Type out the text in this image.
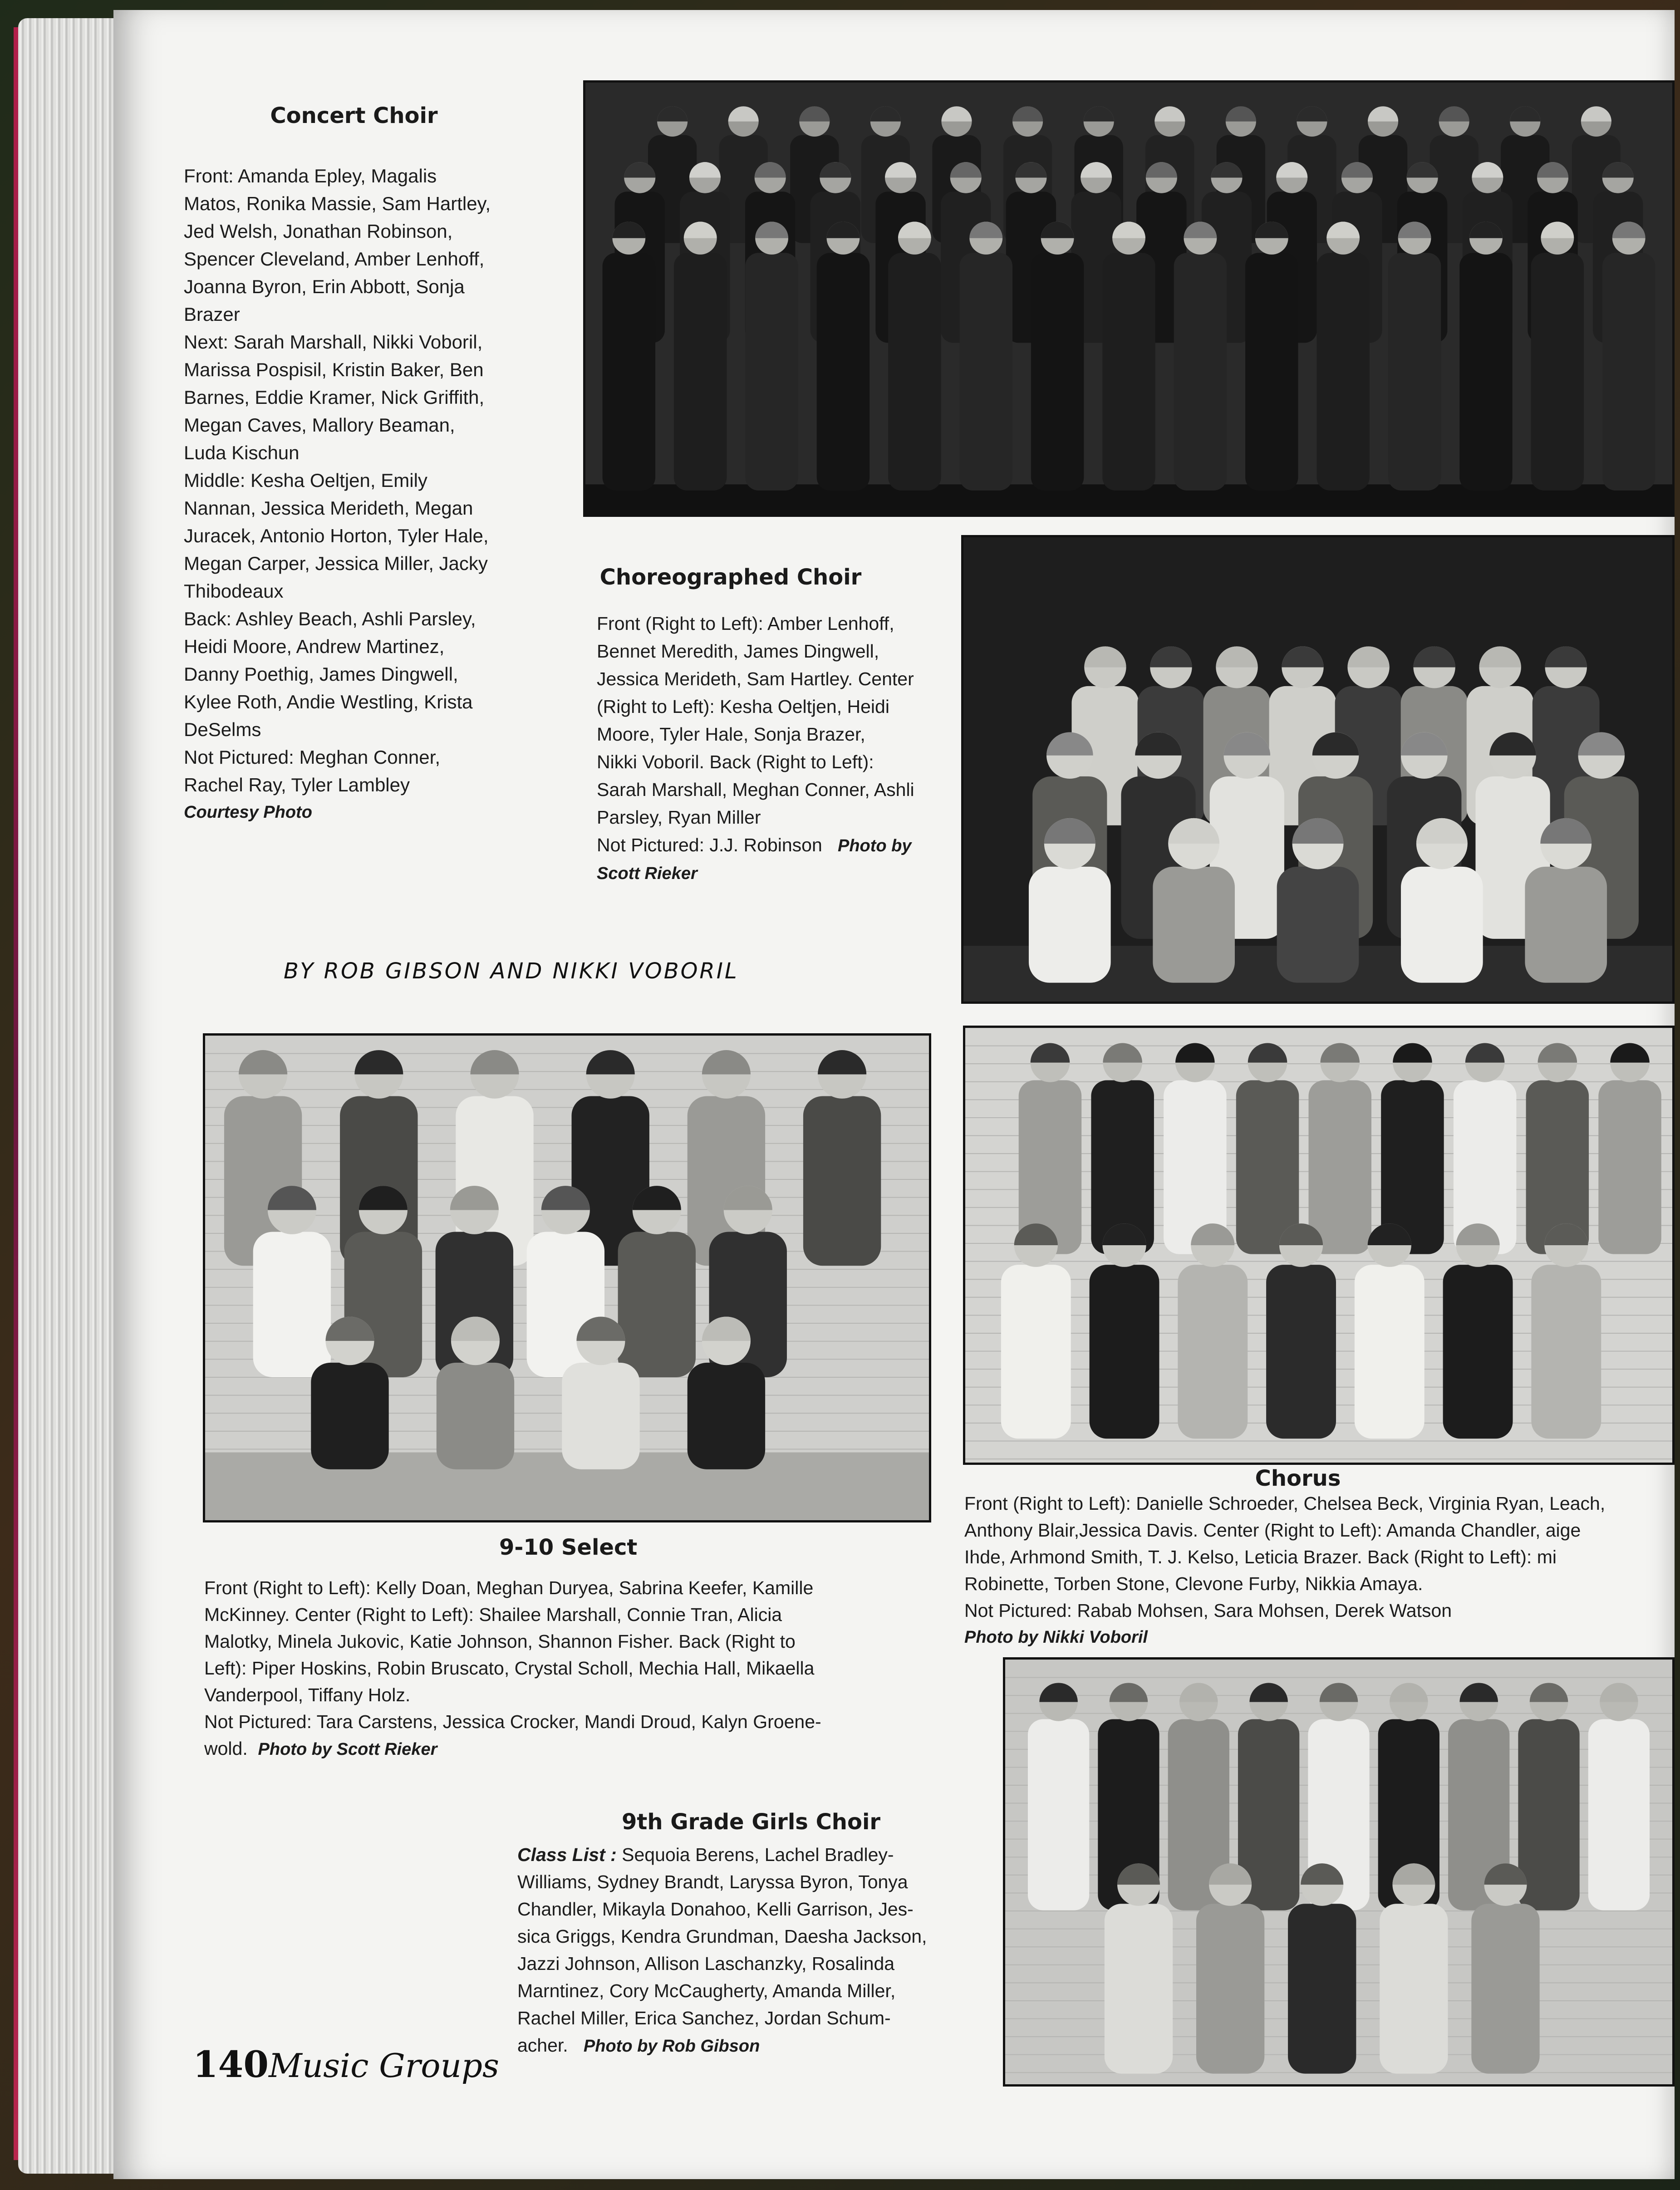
Concert Choir
Front: Amanda Epley, Magalis
Matos, Ronika Massie, Sam Hartley,
Jed Welsh, Jonathan Robinson,
Spencer Cleveland, Amber Lenhoff,
Joanna Byron, Erin Abbott, Sonja
Brazer
Next: Sarah Marshall, Nikki Voboril,
Marissa Pospisil, Kristin Baker, Ben
Barnes, Eddie Kramer, Nick Griffith,
Megan Caves, Mallory Beaman,
Luda Kischun
Middle: Kesha Oeltjen, Emily
Nannan, Jessica Merideth, Megan
Juracek, Antonio Horton, Tyler Hale,
Megan Carper, Jessica Miller, Jacky
Thibodeaux
Back: Ashley Beach, Ashli Parsley,
Heidi Moore, Andrew Martinez,
Danny Poethig, James Dingwell,
Kylee Roth, Andie Westling, Krista
DeSelms
Not Pictured: Meghan Conner,
Rachel Ray, Tyler Lambley
Courtesy Photo
Choreographed Choir
Front (Right to Left): Amber Lenhoff,
Bennet Meredith, James Dingwell,
Jessica Merideth, Sam Hartley. Center
(Right to Left): Kesha Oeltjen, Heidi
Moore, Tyler Hale, Sonja Brazer,
Nikki Voboril. Back (Right to Left):
Sarah Marshall, Meghan Conner, Ashli
Parsley, Ryan Miller
Not Pictured: J.J. Robinson Photo by
Scott Rieker
BY ROB GIBSON AND NIKKI VOBORIL
Chorus
Front (Right to Left): Danielle Schroeder, Chelsea Beck, Virginia Ryan, Leach,
Anthony Blair,Jessica Davis. Center (Right to Left): Amanda Chandler, aige
Ihde, Arhmond Smith, T. J. Kelso, Leticia Brazer. Back (Right to Left): mi
Robinette, Torben Stone, Clevone Furby, Nikkia Amaya.
Not Pictured: Rabab Mohsen, Sara Mohsen, Derek Watson
Photo by Nikki Voboril
9-10 Select
Front (Right to Left): Kelly Doan, Meghan Duryea, Sabrina Keefer, Kamille
McKinney. Center (Right to Left): Shailee Marshall, Connie Tran, Alicia
Malotky, Minela Jukovic, Katie Johnson, Shannon Fisher. Back (Right to
Left): Piper Hoskins, Robin Bruscato, Crystal Scholl, Mechia Hall, Mikaella
Vanderpool, Tiffany Holz.
Not Pictured: Tara Carstens, Jessica Crocker, Mandi Droud, Kalyn Groene-
wold. Photo by Scott Rieker
9th Grade Girls Choir
Class List : Sequoia Berens, Lachel Bradley-
Williams, Sydney Brandt, Laryssa Byron, Tonya
Chandler, Mikayla Donahoo, Kelli Garrison, Jes-
sica Griggs, Kendra Grundman, Daesha Jackson,
Jazzi Johnson, Allison Laschanzky, Rosalinda
Marntinez, Cory McCaugherty, Amanda Miller,
Rachel Miller, Erica Sanchez, Jordan Schum-
acher. Photo by Rob Gibson
140Music Groups
